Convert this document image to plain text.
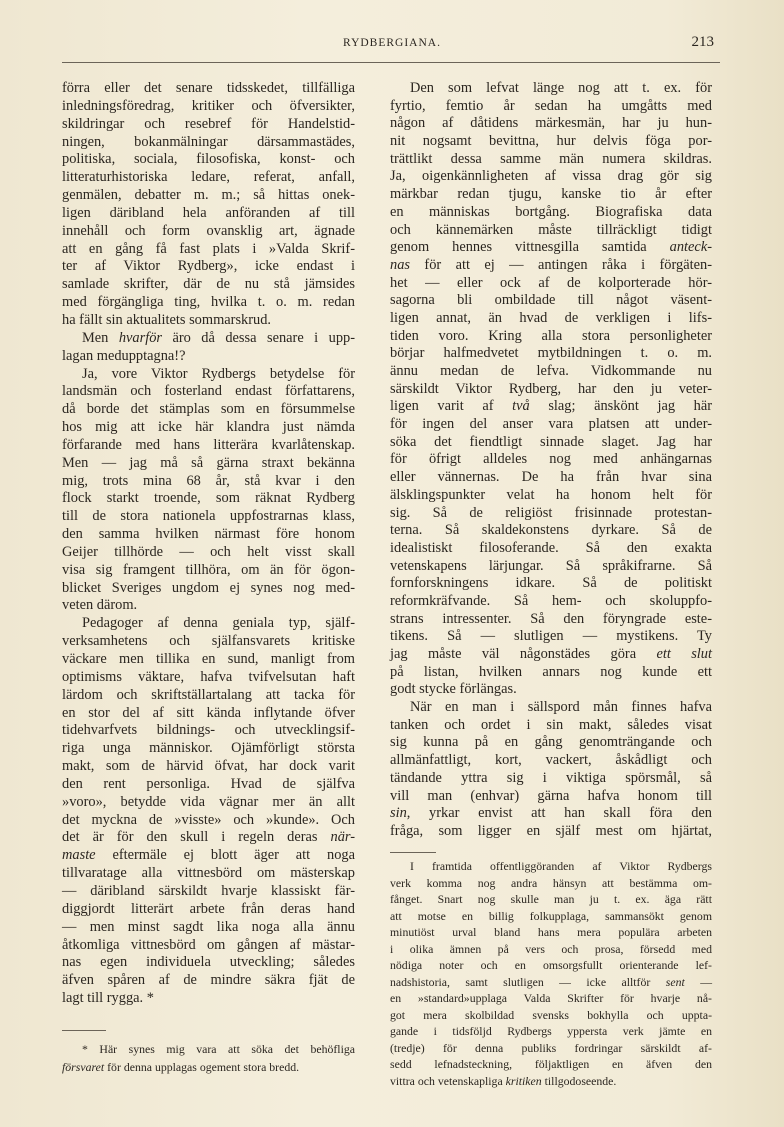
RYDBERGIANA.	213
förra eller det senare tidsskedet, tillfälliga
inledningsföredrag, kritiker och öfversikter,
skildringar och resebref för Handelstid-
ningen, bokanmälningar därsammastädes,
politiska, sociala, filosofiska, konst- och
litteraturhistoriska ledare, referat, anfall,
genmälen, debatter m. m.; så hittas onek-
ligen däribland hela anföranden af till
innehåll och form ovansklig art, ägnade
att en gång få fast plats i »Valda Skrif-
ter af Viktor Rydberg», icke endast i
samlade skrifter, där de nu stå jämsides
med förgängliga ting, hvilka t. o. m. redan
ha fällt sin aktualitets sommarskrud.
Men hvarför äro då dessa senare i upp-
lagan medupptagna!?
Ja, vore Viktor Rydbergs betydelse för
landsmän och fosterland endast författarens,
då borde det stämplas som en försummelse
hos mig att icke här klandra just nämda
förfarande med hans litterära kvarlåtenskap.
Men — jag må så gärna straxt bekänna
mig, trots mina 68 år, stå kvar i den
flock starkt troende, som räknat Rydberg
till de stora nationela uppfostrarnas klass,
den samma hvilken närmast före honom
Geijer tillhörde — och helt visst skall
visa sig framgent tillhöra, om än för ögon-
blicket Sveriges ungdom ej synes nog med-
veten därom.
Pedagoger af denna geniala typ, själf-
verksamhetens och själfansvarets kritiske
väckare men tillika en sund, manligt from
optimisms väktare, hafva tvifvelsutan haft
lärdom och skriftställartalang att tacka för
en stor del af sitt kända inflytande öfver
tidehvarfvets bildnings- och utvecklingsif-
riga unga människor. Ojämförligt största
makt, som de härvid öfvat, har dock varit
den rent personliga. Hvad de själfva
»voro», betydde vida vägnar mer än allt
det myckna de »visste» och »kunde». Och
det är för den skull i regeln deras när-
maste eftermäle ej blott äger att noga
tillvaratage alla vittnesbörd om mästerskap
— däribland särskildt hvarje klassiskt fär-
diggjordt litterärt arbete från deras hand
— men minst sagdt lika noga alla ännu
åtkomliga vittnesbörd om gången af mästar-
nas egen individuela utveckling; således
äfven spåren af de mindre säkra fjät de
lagt till rygga. *
* Här synes mig vara att söka det behöfliga
försvaret för denna upplagas ogement stora bredd.
Den som lefvat länge nog att t. ex. för
fyrtio, femtio år sedan ha umgåtts med
någon af dåtidens märkesmän, har ju hun-
nit nogsamt bevittna, hur delvis föga por-
trättlikt dessa samme män numera skildras.
Ja, oigenkännligheten af vissa drag gör sig
märkbar redan tjugu, kanske tio år efter
en människas bortgång. Biografiska data
och kännemärken måste tillräckligt tidigt
genom hennes vittnesgilla samtida anteck-
nas för att ej — antingen råka i förgäten-
het — eller ock af de kolporterade hör-
sagorna bli ombildade till något väsent-
ligen annat, än hvad de verkligen i lifs-
tiden voro. Kring alla stora personligheter
börjar halfmedvetet mytbildningen t. o. m.
ännu medan de lefva. Vidkommande nu
särskildt Viktor Rydberg, har den ju veter-
ligen varit af två slag; änskönt jag här
för ingen del anser vara platsen att under-
söka det fiendtligt sinnade slaget. Jag har
för öfrigt alldeles nog med anhängarnas
eller vännernas. De ha från hvar sina
älsklingspunkter velat ha honom helt för
sig. Så de religiöst frisinnade protestan-
terna. Så skaldekonstens dyrkare. Så de
idealistiskt filosoferande. Så den exakta
vetenskapens lärjungar. Så språkifrarne. Så
fornforskningens idkare. Så de politiskt
reformkräfvande. Så hem- och skoluppfo-
strans intressenter. Så den föryngrade este-
tikens. Så — slutligen — mystikens. Ty
jag måste väl någonstädes göra ett slut
på listan, hvilken annars nog kunde ett
godt stycke förlängas.
När en man i sällspord mån finnes hafva
tanken och ordet i sin makt, således visat
sig kunna på en gång genomträngande och
allmänfattligt, kort, vackert, åskådligt och
tändande yttra sig i viktiga spörsmål, så
vill man (enhvar) gärna hafva honom till
sin, yrkar envist att han skall föra den
fråga, som ligger en själf mest om hjärtat,
I framtida offentliggöranden af Viktor Rydbergs
verk komma nog andra hänsyn att bestämma om-
fånget. Snart nog skulle man ju t. ex. äga rätt
att motse en billig folkupplaga, sammansökt genom
minutiöst urval bland hans mera populära arbeten
i olika ämnen på vers och prosa, försedd med
nödiga noter och en omsorgsfullt orienterande lef-
nadshistoria, samt slutligen — icke alltför sent —
en »standard»upplaga Valda Skrifter för hvarje nå-
got mera skolbildad svensks bokhylla och uppta-
gande i tidsföljd Rydbergs yppersta verk jämte en
(tredje) för denna publiks fordringar särskildt af-
sedd lefnadsteckning, följaktligen en äfven den
vittra och vetenskapliga kritiken tillgodoseende.
